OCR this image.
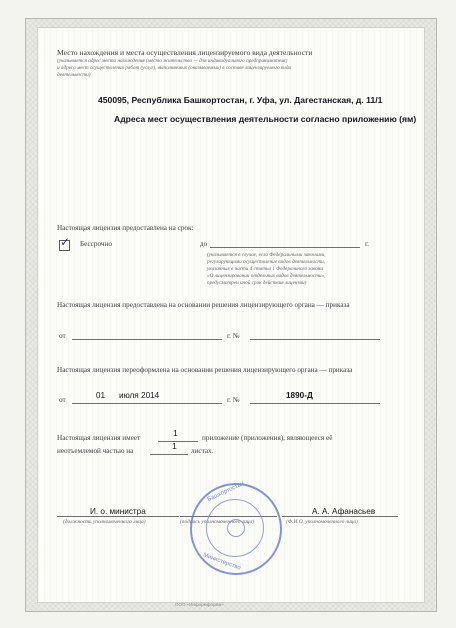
Место нахождения и места осуществления лицензируемого вида деятельности
(указывается адрес места нахождения (место жительства — для индивидуального предпринимателя)
и адреса мест осуществления работ (услуг), выполняемых (оказываемых) в составе лицензируемого вида
деятельности)
450095, Республика Башкортостан, г. Уфа, ул. Дагестанская, д. 11/1
Адреса мест осуществления деятельности согласно приложению (ям)
Настоящая лицензия предоставлена на срок:
✓ Бессрочно	до	г.
(указывается в случае, если Федеральными законами,
регулирующими осуществление видов деятельности,
указанных в части 4 статьи 1 Федерального закона
«О лицензировании отдельных видов деятельности»,
предусмотрен иной срок действия лицензии)
Настоящая лицензия предоставлена на основании решения лицензирующего органа — приказа
от	г. №
Настоящая лицензия переоформлена на основании решения лицензирующего органа — приказа
от	01 июля 2014	г. №	1890-Д
Настоящая лицензия имеет	1	приложение (приложения), являющееся её
неотъемлемой частью на	1 листах.
И. о. министра
(должность уполномоченного лица)	(подпись уполномоченного лица)
А. А. Афанасьев
(Ф.И.О. уполномоченного лица)
Башкортостан
Министерство
ООО «Информформа»
